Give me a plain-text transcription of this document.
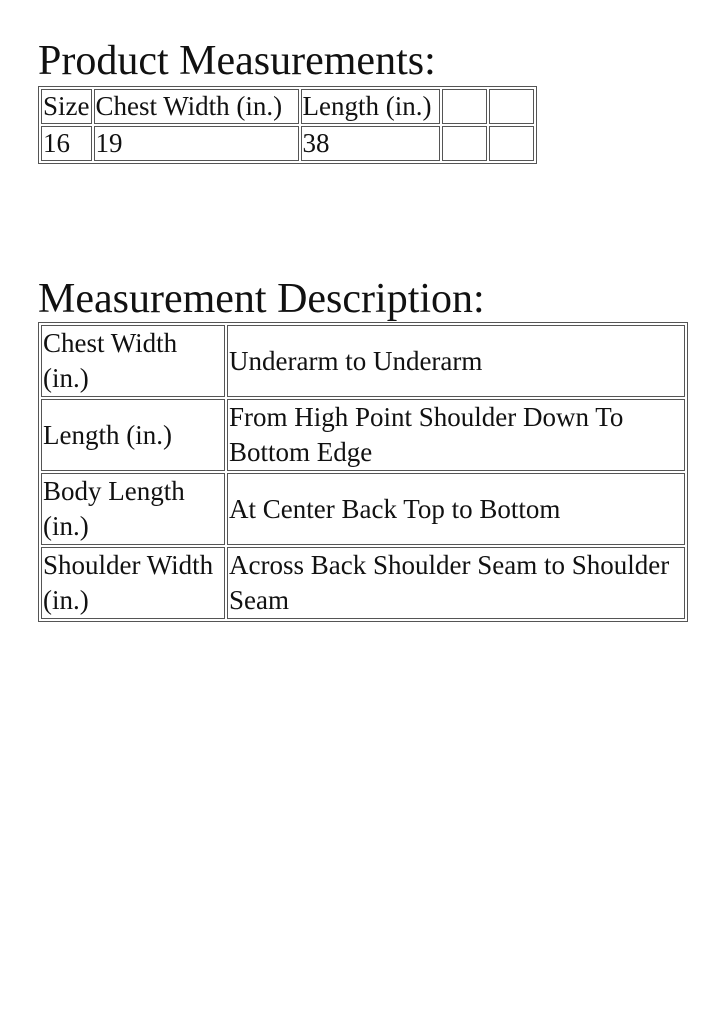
Product Measurements:
Size	Chest Width (in.)	Length (in.)		
16	19	38		
Measurement Description:
Chest Width (in.)	Underarm to Underarm
Length (in.)	From High Point Shoulder Down To Bottom Edge
Body Length (in.)	At Center Back Top to Bottom
Shoulder Width (in.)	Across Back Shoulder Seam to Shoulder Seam
